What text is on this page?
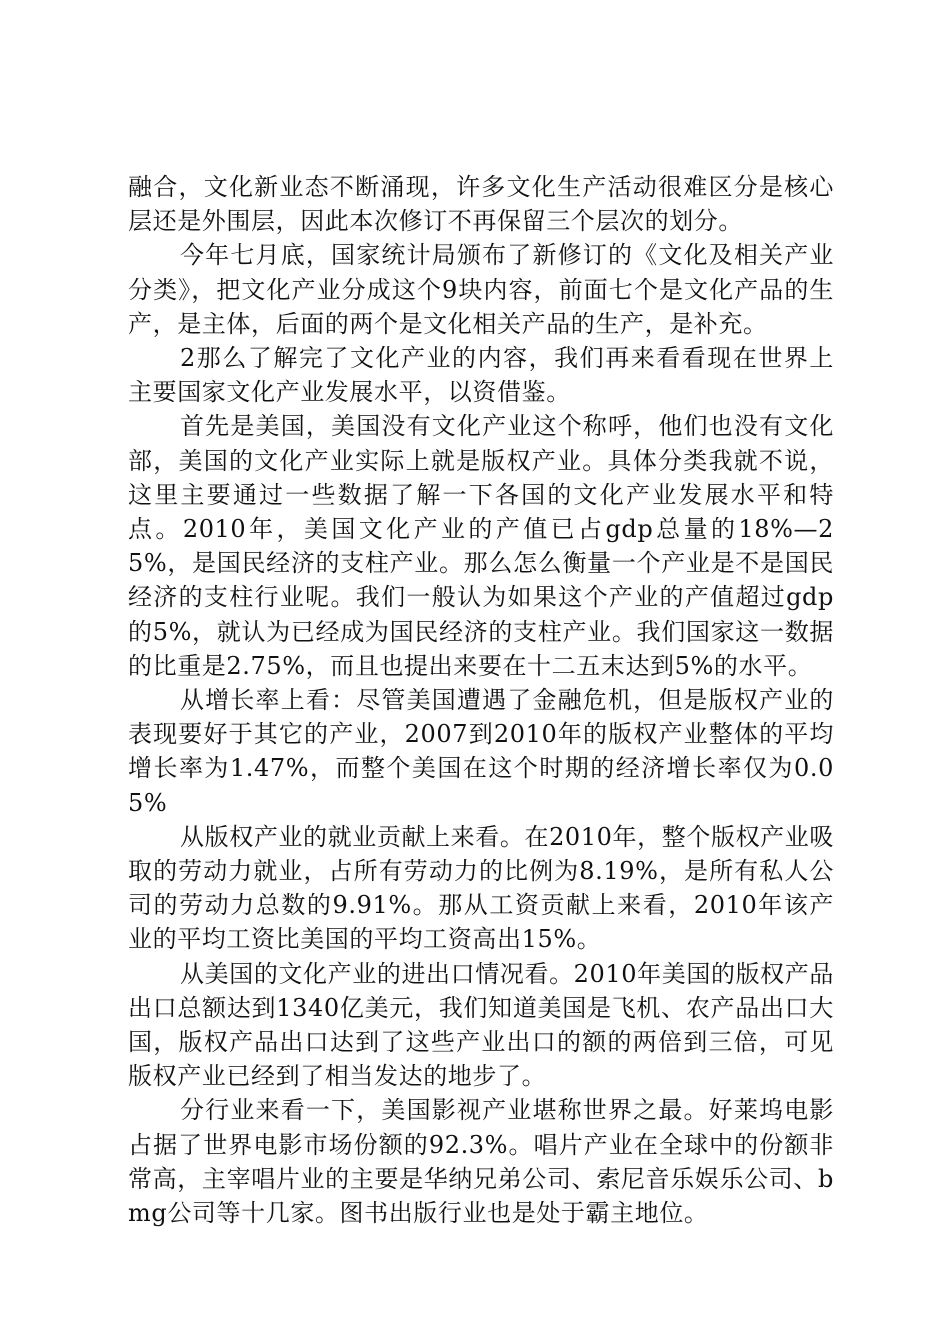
融合，文化新业态不断涌现，许多文化生产活动很难区分是核心层还是外围层，因此本次修订不再保留三个层次的划分。

今年七月底，国家统计局颁布了新修订的《文化及相关产业分类》，把文化产业分成这个9块内容，前面七个是文化产品的生产，是主体，后面的两个是文化相关产品的生产，是补充。

2那么了解完了文化产业的内容，我们再来看看现在世界上主要国家文化产业发展水平，以资借鉴。

首先是美国，美国没有文化产业这个称呼，他们也没有文化部，美国的文化产业实际上就是版权产业。具体分类我就不说，这里主要通过一些数据了解一下各国的文化产业发展水平和特点。2010年，美国文化产业的产值已占gdp总量的18%—25%，是国民经济的支柱产业。那么怎么衡量一个产业是不是国民经济的支柱行业呢。我们一般认为如果这个产业的产值超过gdp的5%，就认为已经成为国民经济的支柱产业。我们国家这一数据的比重是2.75%，而且也提出来要在十二五末达到5%的水平。

从增长率上看：尽管美国遭遇了金融危机，但是版权产业的表现要好于其它的产业，2007到2010年的版权产业整体的平均增长率为1.47%，而整个美国在这个时期的经济增长率仅为0.05%

从版权产业的就业贡献上来看。在2010年，整个版权产业吸取的劳动力就业，占所有劳动力的比例为8.19%，是所有私人公司的劳动力总数的9.91%。那从工资贡献上来看，2010年该产业的平均工资比美国的平均工资高出15%。

从美国的文化产业的进出口情况看。2010年美国的版权产品出口总额达到1340亿美元，我们知道美国是飞机、农产品出口大国，版权产品出口达到了这些产业出口的额的两倍到三倍，可见版权产业已经到了相当发达的地步了。

分行业来看一下，美国影视产业堪称世界之最。好莱坞电影占据了世界电影市场份额的92.3%。唱片产业在全球中的份额非常高，主宰唱片业的主要是华纳兄弟公司、索尼音乐娱乐公司、bmg公司等十几家。图书出版行业也是处于霸主地位。
